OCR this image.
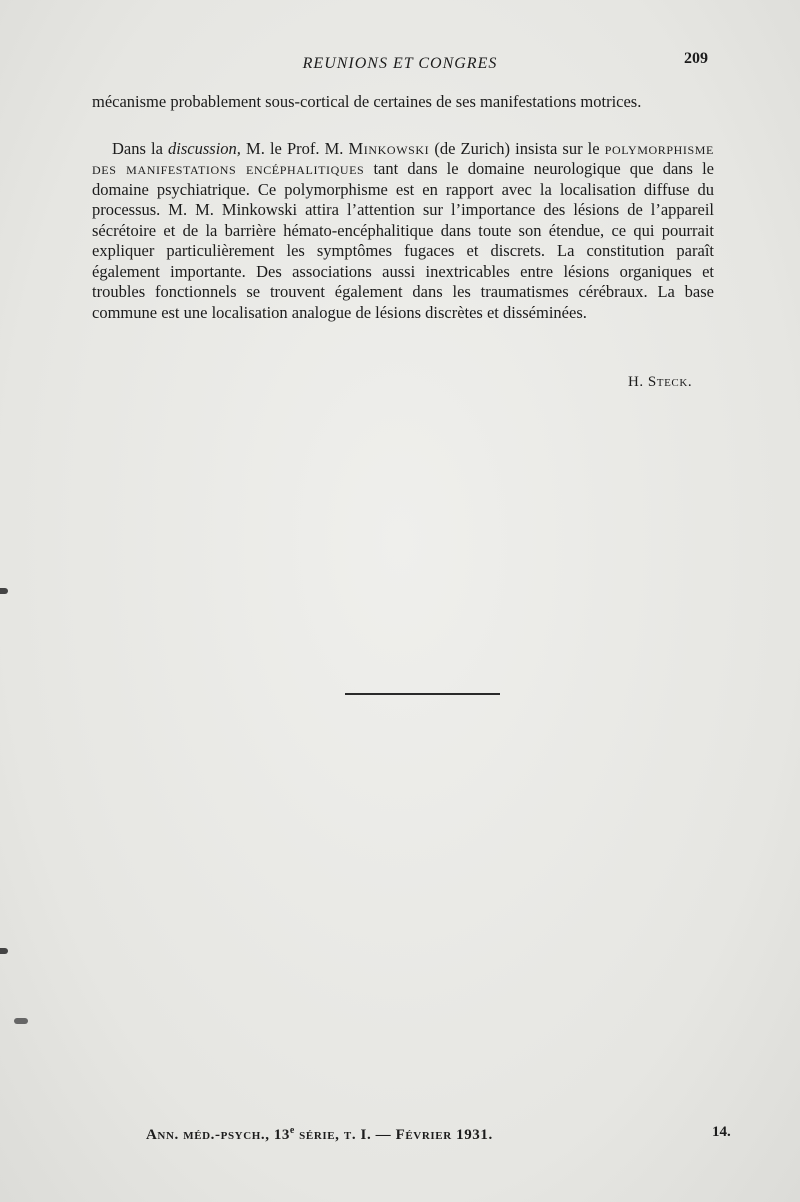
REUNIONS ET CONGRES	209

mécanisme probablement sous-cortical de certaines de ses manifestations motrices.

Dans la discussion, M. le Prof. M. Minkowski (de Zurich) insista sur le polymorphisme des manifestations encéphalitiques tant dans le domaine neurologique que dans le domaine psychiatrique. Ce polymorphisme est en rapport avec la localisation diffuse du processus. M. M. Minkowski attira l’attention sur l’importance des lésions de l’appareil sécrétoire et de la barrière hémato-encéphalitique dans toute son étendue, ce qui pourrait expliquer particulièrement les symptômes fugaces et discrets. La constitution paraît également importante. Des associations aussi inextricables entre lésions organiques et troubles fonctionnels se trouvent également dans les traumatismes cérébraux. La base commune est une localisation analogue de lésions discrètes et disséminées.

H. Steck.
Ann. méd.-psych., 13e série, t. I. — Février 1931.	14.
